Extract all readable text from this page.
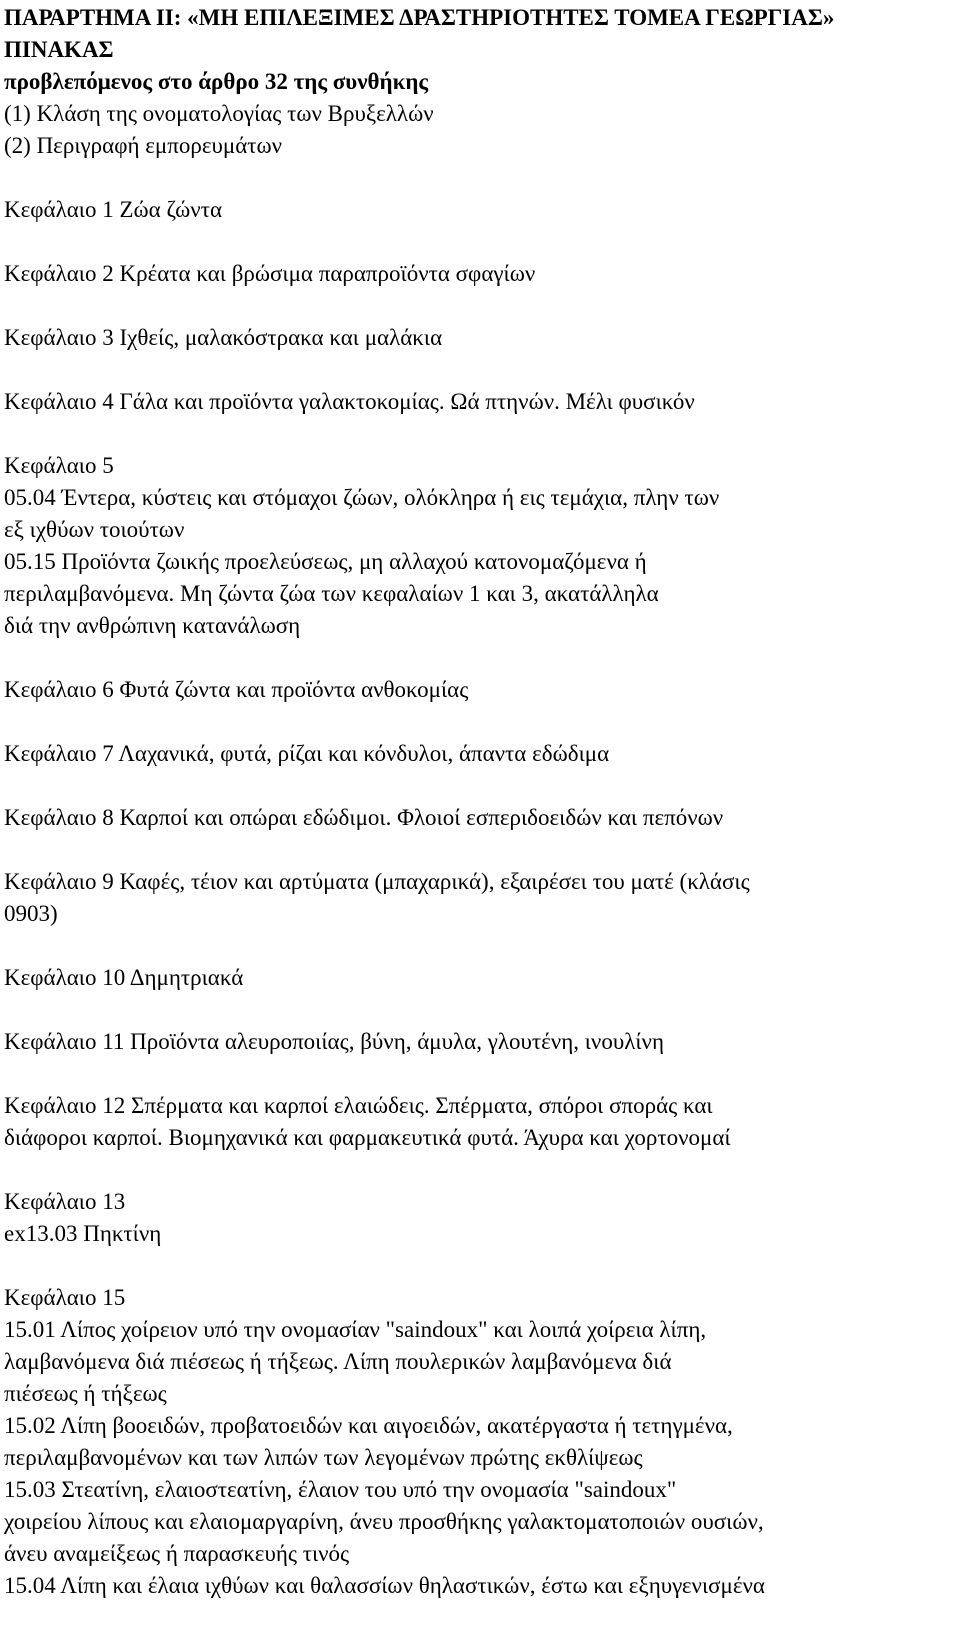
ΠΑΡΑΡΤΗΜΑ ΙΙ: «ΜΗ ΕΠΙΛΕΞΙΜΕΣ ΔΡΑΣΤΗΡΙΟΤΗΤΕΣ ΤΟΜΕΑ ΓΕΩΡΓΙΑΣ»
ΠΙΝΑΚΑΣ
προβλεπόμενος στο άρθρο 32 της συνθήκης
(1) Κλάση της ονοματολογίας των Βρυξελλών
(2) Περιγραφή εμπορευμάτων
Κεφάλαιο 1 Ζώα ζώντα
Κεφάλαιο 2 Κρέατα και βρώσιμα παραπροϊόντα σφαγίων
Κεφάλαιο 3 Ιχθείς, μαλακόστρακα και μαλάκια
Κεφάλαιο 4 Γάλα και προϊόντα γαλακτοκομίας. Ωά πτηνών. Μέλι φυσικόν
Κεφάλαιο 5
05.04 Έντερα, κύστεις και στόμαχοι ζώων, ολόκληρα ή εις τεμάχια, πλην των
εξ ιχθύων τοιούτων
05.15 Προϊόντα ζωικής προελεύσεως, μη αλλαχού κατονομαζόμενα ή
περιλαμβανόμενα. Μη ζώντα ζώα των κεφαλαίων 1 και 3, ακατάλληλα
διά την ανθρώπινη κατανάλωση
Κεφάλαιο 6 Φυτά ζώντα και προϊόντα ανθοκομίας
Κεφάλαιο 7 Λαχανικά, φυτά, ρίζαι και κόνδυλοι, άπαντα εδώδιμα
Κεφάλαιο 8 Καρποί και οπώραι εδώδιμοι. Φλοιοί εσπεριδοειδών και πεπόνων
Κεφάλαιο 9 Καφές, τέιον και αρτύματα (μπαχαρικά), εξαιρέσει του ματέ (κλάσις
0903)
Κεφάλαιο 10 Δημητριακά
Κεφάλαιο 11 Προϊόντα αλευροποιίας, βύνη, άμυλα, γλουτένη, ινουλίνη
Κεφάλαιο 12 Σπέρματα και καρποί ελαιώδεις. Σπέρματα, σπόροι σποράς και
διάφοροι καρποί. Βιομηχανικά και φαρμακευτικά φυτά. Άχυρα και χορτονομαί
Κεφάλαιο 13
ex13.03 Πηκτίνη
Κεφάλαιο 15
15.01 Λίπος χοίρειον υπό την ονομασίαν "saindoux" και λοιπά χοίρεια λίπη,
λαμβανόμενα διά πιέσεως ή τήξεως. Λίπη πουλερικών λαμβανόμενα διά
πιέσεως ή τήξεως
15.02 Λίπη βοοειδών, προβατοειδών και αιγοειδών, ακατέργαστα ή τετηγμένα,
περιλαμβανομένων και των λιπών των λεγομένων πρώτης εκθλίψεως
15.03 Στεατίνη, ελαιοστεατίνη, έλαιον του υπό την ονομασία "saindoux"
χοιρείου λίπους και ελαιομαργαρίνη, άνευ προσθήκης γαλακτοματοποιών ουσιών,
άνευ αναμείξεως ή παρασκευής τινός
15.04 Λίπη και έλαια ιχθύων και θαλασσίων θηλαστικών, έστω και εξηυγενισμένα
